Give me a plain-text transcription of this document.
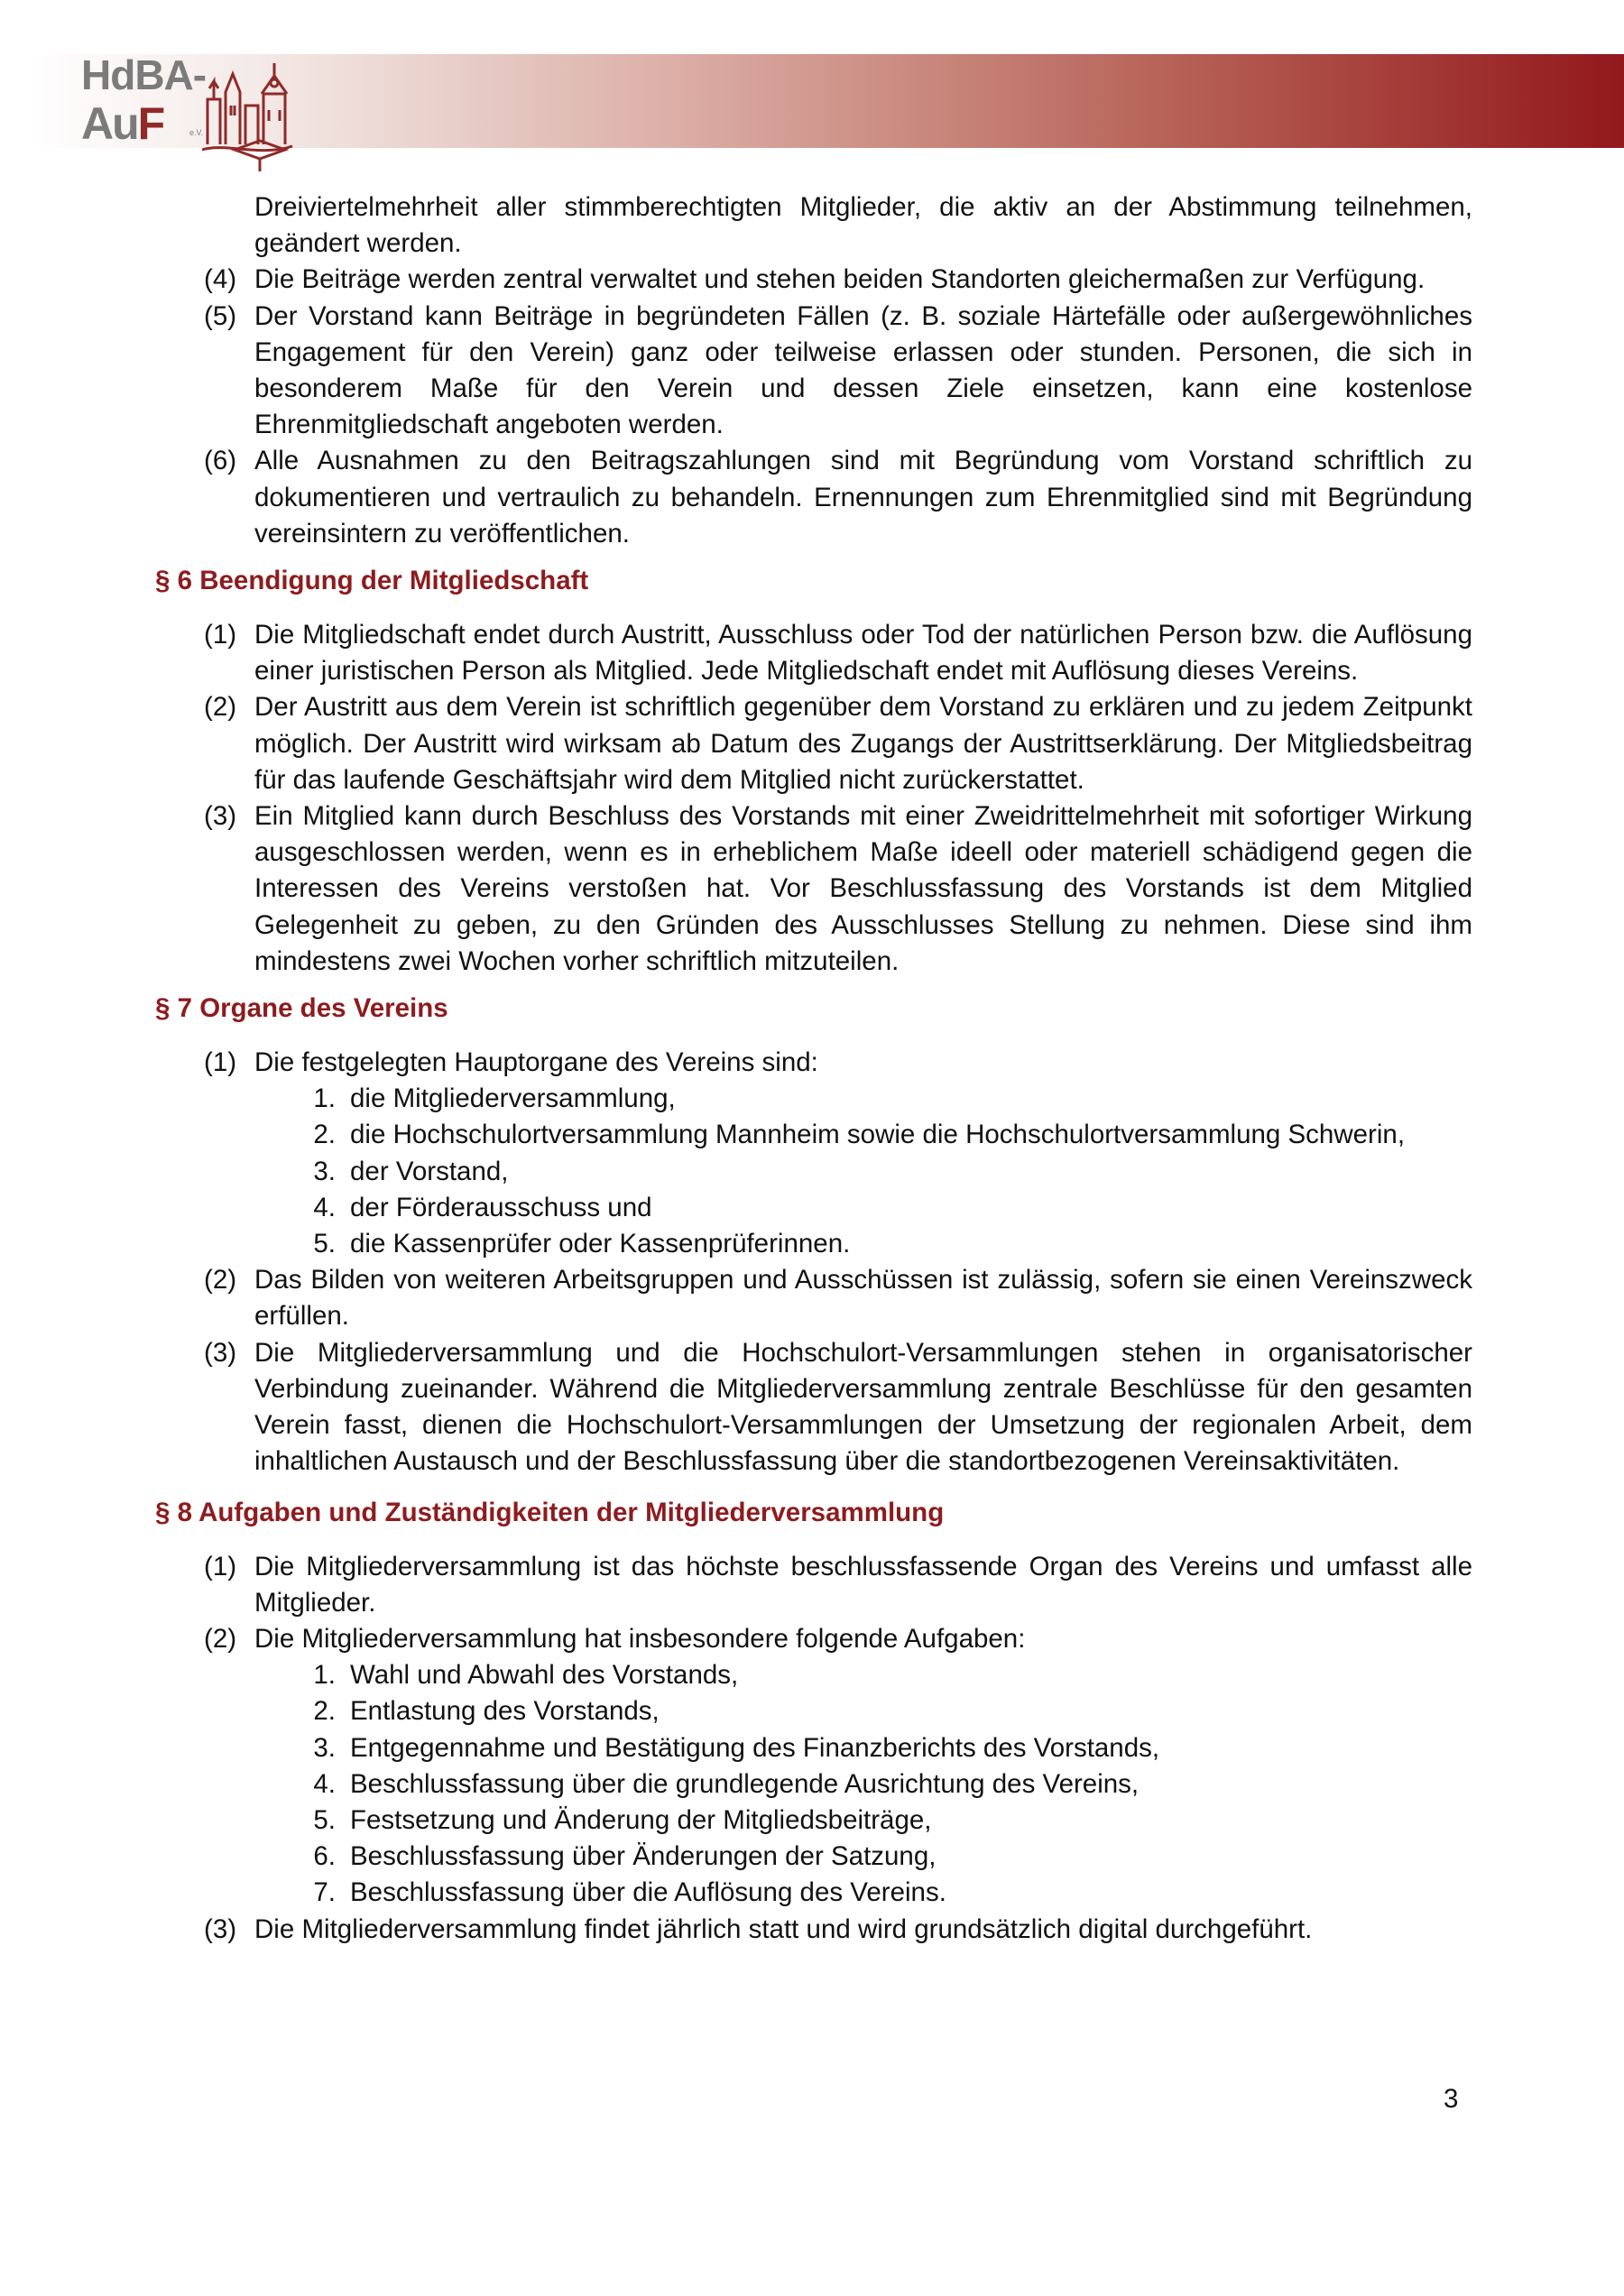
HdBA-
AuF	e.V.
Dreiviertelmehrheit aller stimmberechtigten Mitglieder, die aktiv an der Abstimmung teilnehmen, geändert werden.
(4) Die Beiträge werden zentral verwaltet und stehen beiden Standorten gleichermaßen zur Verfügung.
(5) Der Vorstand kann Beiträge in begründeten Fällen (z. B. soziale Härtefälle oder außergewöhnliches Engagement für den Verein) ganz oder teilweise erlassen oder stunden. Personen, die sich in besonderem Maße für den Verein und dessen Ziele einsetzen, kann eine kostenlose Ehrenmitgliedschaft angeboten werden.
(6) Alle Ausnahmen zu den Beitragszahlungen sind mit Begründung vom Vorstand schriftlich zu dokumentieren und vertraulich zu behandeln. Ernennungen zum Ehrenmitglied sind mit Begründung vereinsintern zu veröffentlichen.
§ 6 Beendigung der Mitgliedschaft
(1) Die Mitgliedschaft endet durch Austritt, Ausschluss oder Tod der natürlichen Person bzw. die Auflösung einer juristischen Person als Mitglied. Jede Mitgliedschaft endet mit Auflösung dieses Vereins.
(2) Der Austritt aus dem Verein ist schriftlich gegenüber dem Vorstand zu erklären und zu jedem Zeitpunkt möglich. Der Austritt wird wirksam ab Datum des Zugangs der Austrittserklärung. Der Mitgliedsbeitrag für das laufende Geschäftsjahr wird dem Mitglied nicht zurückerstattet.
(3) Ein Mitglied kann durch Beschluss des Vorstands mit einer Zweidrittelmehrheit mit sofortiger Wirkung ausgeschlossen werden, wenn es in erheblichem Maße ideell oder materiell schädigend gegen die Interessen des Vereins verstoßen hat. Vor Beschlussfassung des Vorstands ist dem Mitglied Gelegenheit zu geben, zu den Gründen des Ausschlusses Stellung zu nehmen. Diese sind ihm mindestens zwei Wochen vorher schriftlich mitzuteilen.
§ 7 Organe des Vereins
(1) Die festgelegten Hauptorgane des Vereins sind:
1. die Mitgliederversammlung,
2. die Hochschulortversammlung Mannheim sowie die Hochschulortversammlung Schwerin,
3. der Vorstand,
4. der Förderausschuss und
5. die Kassenprüfer oder Kassenprüferinnen.
(2) Das Bilden von weiteren Arbeitsgruppen und Ausschüssen ist zulässig, sofern sie einen Vereinszweck erfüllen.
(3) Die Mitgliederversammlung und die Hochschulort-Versammlungen stehen in organisatorischer Verbindung zueinander. Während die Mitgliederversammlung zentrale Beschlüsse für den gesamten Verein fasst, dienen die Hochschulort-Versammlungen der Umsetzung der regionalen Arbeit, dem inhaltlichen Austausch und der Beschlussfassung über die standortbezogenen Vereinsaktivitäten.
§ 8 Aufgaben und Zuständigkeiten der Mitgliederversammlung
(1) Die Mitgliederversammlung ist das höchste beschlussfassende Organ des Vereins und umfasst alle Mitglieder.
(2) Die Mitgliederversammlung hat insbesondere folgende Aufgaben:
1. Wahl und Abwahl des Vorstands,
2. Entlastung des Vorstands,
3. Entgegennahme und Bestätigung des Finanzberichts des Vorstands,
4. Beschlussfassung über die grundlegende Ausrichtung des Vereins,
5. Festsetzung und Änderung der Mitgliedsbeiträge,
6. Beschlussfassung über Änderungen der Satzung,
7. Beschlussfassung über die Auflösung des Vereins.
(3) Die Mitgliederversammlung findet jährlich statt und wird grundsätzlich digital durchgeführt.
3
